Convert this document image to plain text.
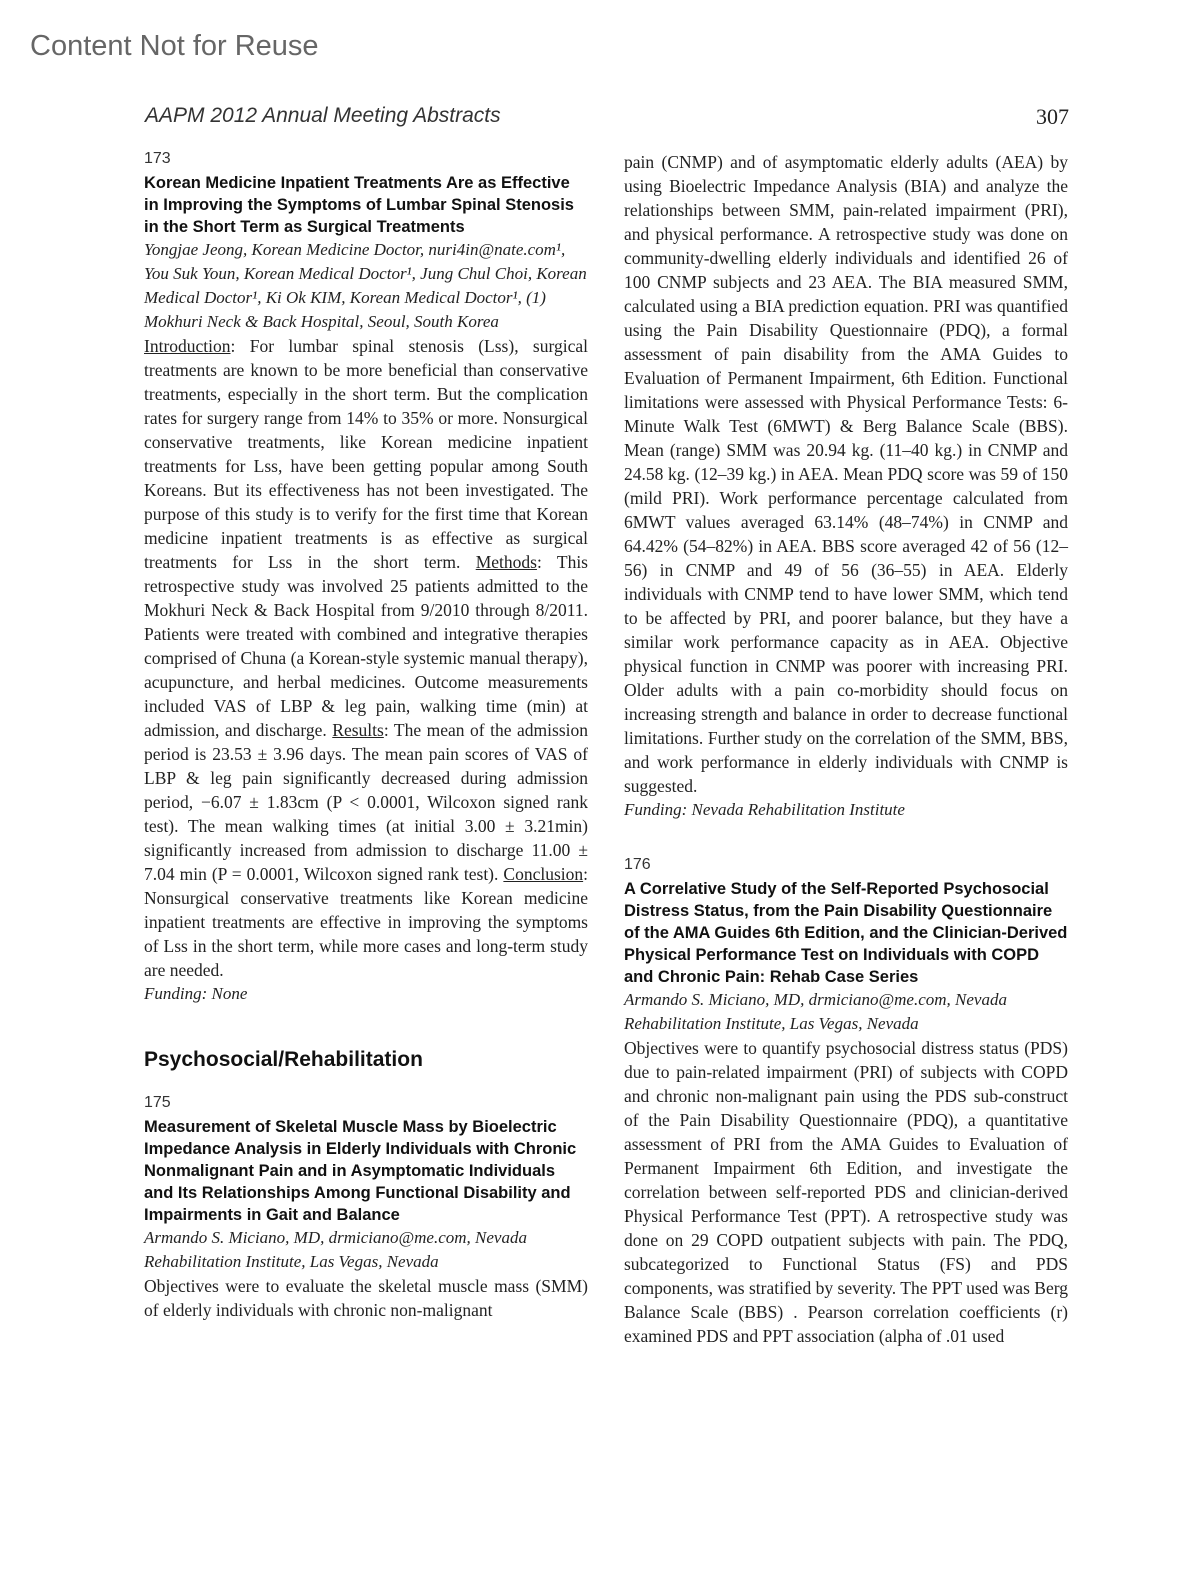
Content Not for Reuse
AAPM 2012 Annual Meeting Abstracts	307
173
Korean Medicine Inpatient Treatments Are as Effective in Improving the Symptoms of Lumbar Spinal Stenosis in the Short Term as Surgical Treatments
Yongjae Jeong, Korean Medicine Doctor, nuri4in@nate.com¹, You Suk Youn, Korean Medical Doctor¹, Jung Chul Choi, Korean Medical Doctor¹, Ki Ok KIM, Korean Medical Doctor¹, (1) Mokhuri Neck & Back Hospital, Seoul, South Korea
Introduction: For lumbar spinal stenosis (Lss), surgical treatments are known to be more beneficial than conservative treatments, especially in the short term. But the complication rates for surgery range from 14% to 35% or more. Nonsurgical conservative treatments, like Korean medicine inpatient treatments for Lss, have been getting popular among South Koreans. But its effectiveness has not been investigated. The purpose of this study is to verify for the first time that Korean medicine inpatient treatments is as effective as surgical treatments for Lss in the short term. Methods: This retrospective study was involved 25 patients admitted to the Mokhuri Neck & Back Hospital from 9/2010 through 8/2011. Patients were treated with combined and integrative therapies comprised of Chuna (a Korean-style systemic manual therapy), acupuncture, and herbal medicines. Outcome measurements included VAS of LBP & leg pain, walking time (min) at admission, and discharge. Results: The mean of the admission period is 23.53 ± 3.96 days. The mean pain scores of VAS of LBP & leg pain significantly decreased during admission period, −6.07 ± 1.83cm (P < 0.0001, Wilcoxon signed rank test). The mean walking times (at initial 3.00 ± 3.21min) significantly increased from admission to discharge 11.00 ± 7.04 min (P = 0.0001, Wilcoxon signed rank test). Conclusion: Nonsurgical conservative treatments like Korean medicine inpatient treatments are effective in improving the symptoms of Lss in the short term, while more cases and long-term study are needed.
Funding: None
Psychosocial/Rehabilitation
175
Measurement of Skeletal Muscle Mass by Bioelectric Impedance Analysis in Elderly Individuals with Chronic Nonmalignant Pain and in Asymptomatic Individuals and Its Relationships Among Functional Disability and Impairments in Gait and Balance
Armando S. Miciano, MD, drmiciano@me.com, Nevada Rehabilitation Institute, Las Vegas, Nevada
Objectives were to evaluate the skeletal muscle mass (SMM) of elderly individuals with chronic non-malignant
pain (CNMP) and of asymptomatic elderly adults (AEA) by using Bioelectric Impedance Analysis (BIA) and analyze the relationships between SMM, pain-related impairment (PRI), and physical performance. A retrospective study was done on community-dwelling elderly individuals and identified 26 of 100 CNMP subjects and 23 AEA. The BIA measured SMM, calculated using a BIA prediction equation. PRI was quantified using the Pain Disability Questionnaire (PDQ), a formal assessment of pain disability from the AMA Guides to Evaluation of Permanent Impairment, 6th Edition. Functional limitations were assessed with Physical Performance Tests: 6-Minute Walk Test (6MWT) & Berg Balance Scale (BBS). Mean (range) SMM was 20.94 kg. (11–40 kg.) in CNMP and 24.58 kg. (12–39 kg.) in AEA. Mean PDQ score was 59 of 150 (mild PRI). Work performance percentage calculated from 6MWT values averaged 63.14% (48–74%) in CNMP and 64.42% (54–82%) in AEA. BBS score averaged 42 of 56 (12–56) in CNMP and 49 of 56 (36–55) in AEA. Elderly individuals with CNMP tend to have lower SMM, which tend to be affected by PRI, and poorer balance, but they have a similar work performance capacity as in AEA. Objective physical function in CNMP was poorer with increasing PRI. Older adults with a pain co-morbidity should focus on increasing strength and balance in order to decrease functional limitations. Further study on the correlation of the SMM, BBS, and work performance in elderly individuals with CNMP is suggested.
Funding: Nevada Rehabilitation Institute
176
A Correlative Study of the Self-Reported Psychosocial Distress Status, from the Pain Disability Questionnaire of the AMA Guides 6th Edition, and the Clinician-Derived Physical Performance Test on Individuals with COPD and Chronic Pain: Rehab Case Series
Armando S. Miciano, MD, drmiciano@me.com, Nevada Rehabilitation Institute, Las Vegas, Nevada
Objectives were to quantify psychosocial distress status (PDS) due to pain-related impairment (PRI) of subjects with COPD and chronic non-malignant pain using the PDS sub-construct of the Pain Disability Questionnaire (PDQ), a quantitative assessment of PRI from the AMA Guides to Evaluation of Permanent Impairment 6th Edition, and investigate the correlation between self-reported PDS and clinician-derived Physical Performance Test (PPT). A retrospective study was done on 29 COPD outpatient subjects with pain. The PDQ, subcategorized to Functional Status (FS) and PDS components, was stratified by severity. The PPT used was Berg Balance Scale (BBS) . Pearson correlation coefficients (r) examined PDS and PPT association (alpha of .01 used
